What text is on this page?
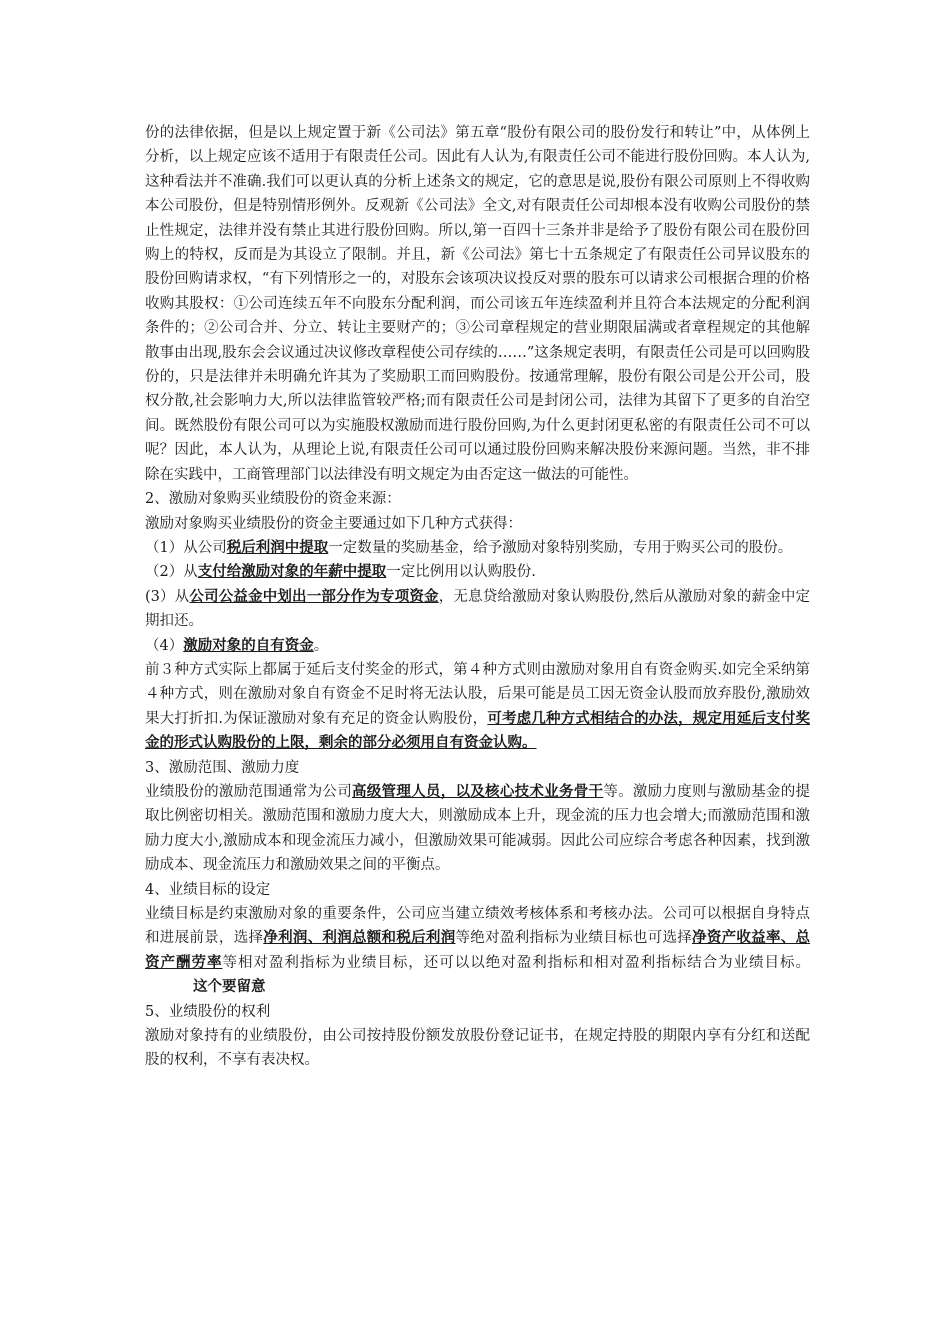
份的法律依据，但是以上规定置于新《公司法》第五章“股份有限公司的股份发行和转让”中，从体例上分析，以上规定应该不适用于有限责任公司。因此有人认为,有限责任公司不能进行股份回购。本人认为,这种看法并不准确.我们可以更认真的分析上述条文的规定，它的意思是说,股份有限公司原则上不得收购本公司股份，但是特别情形例外。反观新《公司法》全文,对有限责任公司却根本没有收购公司股份的禁止性规定，法律并没有禁止其进行股份回购。所以,第一百四十三条并非是给予了股份有限公司在股份回购上的特权，反而是为其设立了限制。并且，新《公司法》第七十五条规定了有限责任公司异议股东的股份回购请求权，“有下列情形之一的，对股东会该项决议投反对票的股东可以请求公司根据合理的价格收购其股权：①公司连续五年不向股东分配利润，而公司该五年连续盈利并且符合本法规定的分配利润条件的；②公司合并、分立、转让主要财产的；③公司章程规定的营业期限届满或者章程规定的其他解散事由出现,股东会会议通过决议修改章程使公司存续的……”这条规定表明，有限责任公司是可以回购股份的，只是法律并未明确允许其为了奖励职工而回购股份。按通常理解，股份有限公司是公开公司，股权分散,社会影响力大,所以法律监管较严格;而有限责任公司是封闭公司，法律为其留下了更多的自治空间。既然股份有限公司可以为实施股权激励而进行股份回购,为什么更封闭更私密的有限责任公司不可以呢？因此，本人认为，从理论上说,有限责任公司可以通过股份回购来解决股份来源问题。当然，非不排除在实践中，工商管理部门以法律没有明文规定为由否定这一做法的可能性。

2、激励对象购买业绩股份的资金来源：

激励对象购买业绩股份的资金主要通过如下几种方式获得：

（1）从公司税后利润中提取一定数量的奖励基金，给予激励对象特别奖励，专用于购买公司的股份。

（2）从支付给激励对象的年薪中提取一定比例用以认购股份.

(3）从公司公益金中划出一部分作为专项资金，无息贷给激励对象认购股份,然后从激励对象的薪金中定期扣还。

（4）激励对象的自有资金。

前３种方式实际上都属于延后支付奖金的形式，第４种方式则由激励对象用自有资金购买.如完全采纳第４种方式，则在激励对象自有资金不足时将无法认股，后果可能是员工因无资金认股而放弃股份,激励效果大打折扣.为保证激励对象有充足的资金认购股份，可考虑几种方式相结合的办法，规定用延后支付奖金的形式认购股份的上限，剩余的部分必须用自有资金认购。

3、激励范围、激励力度

业绩股份的激励范围通常为公司高级管理人员，以及核心技术业务骨干等。激励力度则与激励基金的提取比例密切相关。激励范围和激励力度大大，则激励成本上升，现金流的压力也会增大;而激励范围和激励力度大小,激励成本和现金流压力减小，但激励效果可能减弱。因此公司应综合考虑各种因素，找到激励成本、现金流压力和激励效果之间的平衡点。

4、业绩目标的设定

业绩目标是约束激励对象的重要条件，公司应当建立绩效考核体系和考核办法。公司可以根据自身特点和进展前景，选择净利润、利润总额和税后利润等绝对盈利指标为业绩目标也可选择净资产收益率、总资产酬劳率等相对盈利指标为业绩目标，还可以以绝对盈利指标和相对盈利指标结合为业绩目标。这个要留意

5、业绩股份的权利

激励对象持有的业绩股份，由公司按持股份额发放股份登记证书，在规定持股的期限内享有分红和送配股的权利，不享有表决权。
